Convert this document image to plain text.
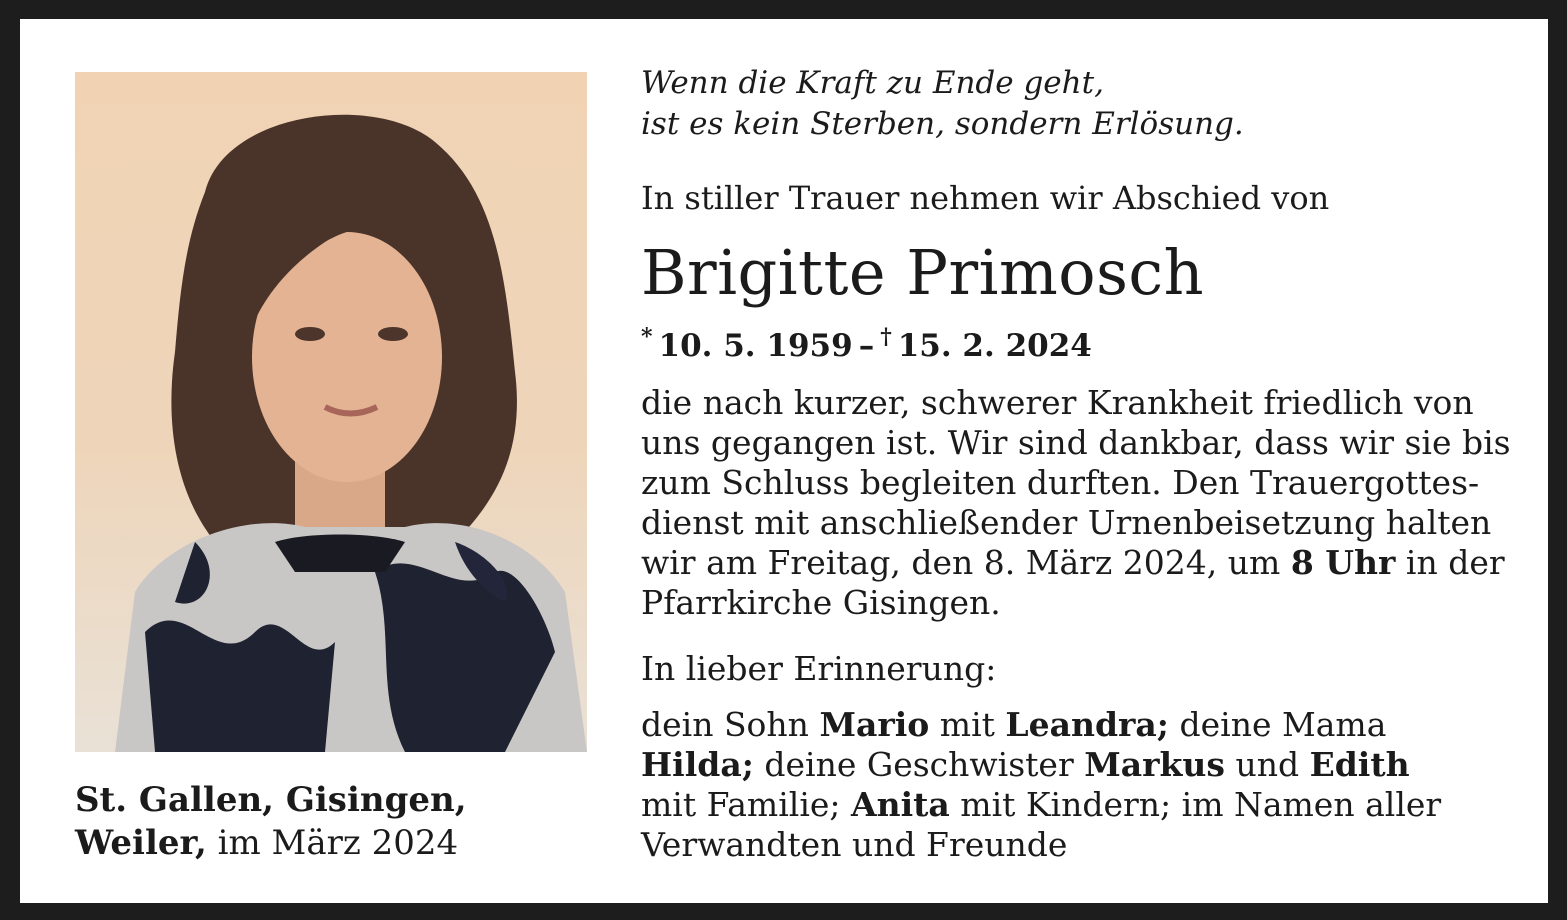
St. Gallen, Gisingen,
Weiler, im März 2024
Wenn die Kraft zu Ende geht,
ist es kein Sterben, sondern Erlösung.
In stiller Trauer nehmen wir Abschied von
Brigitte Primosch
* 10. 5. 1959 – † 15. 2. 2024
die nach kurzer, schwerer Krankheit friedlich von
uns gegangen ist. Wir sind dankbar, dass wir sie bis
zum Schluss begleiten durften. Den Trauergottes-
dienst mit anschließender Urnenbeisetzung halten
wir am Freitag, den 8. März 2024, um 8 Uhr in der
Pfarrkirche Gisingen.
In lieber Erinnerung:
dein Sohn Mario mit Leandra; deine Mama
Hilda; deine Geschwister Markus und Edith
mit Familie; Anita mit Kindern; im Namen aller
Verwandten und Freunde
